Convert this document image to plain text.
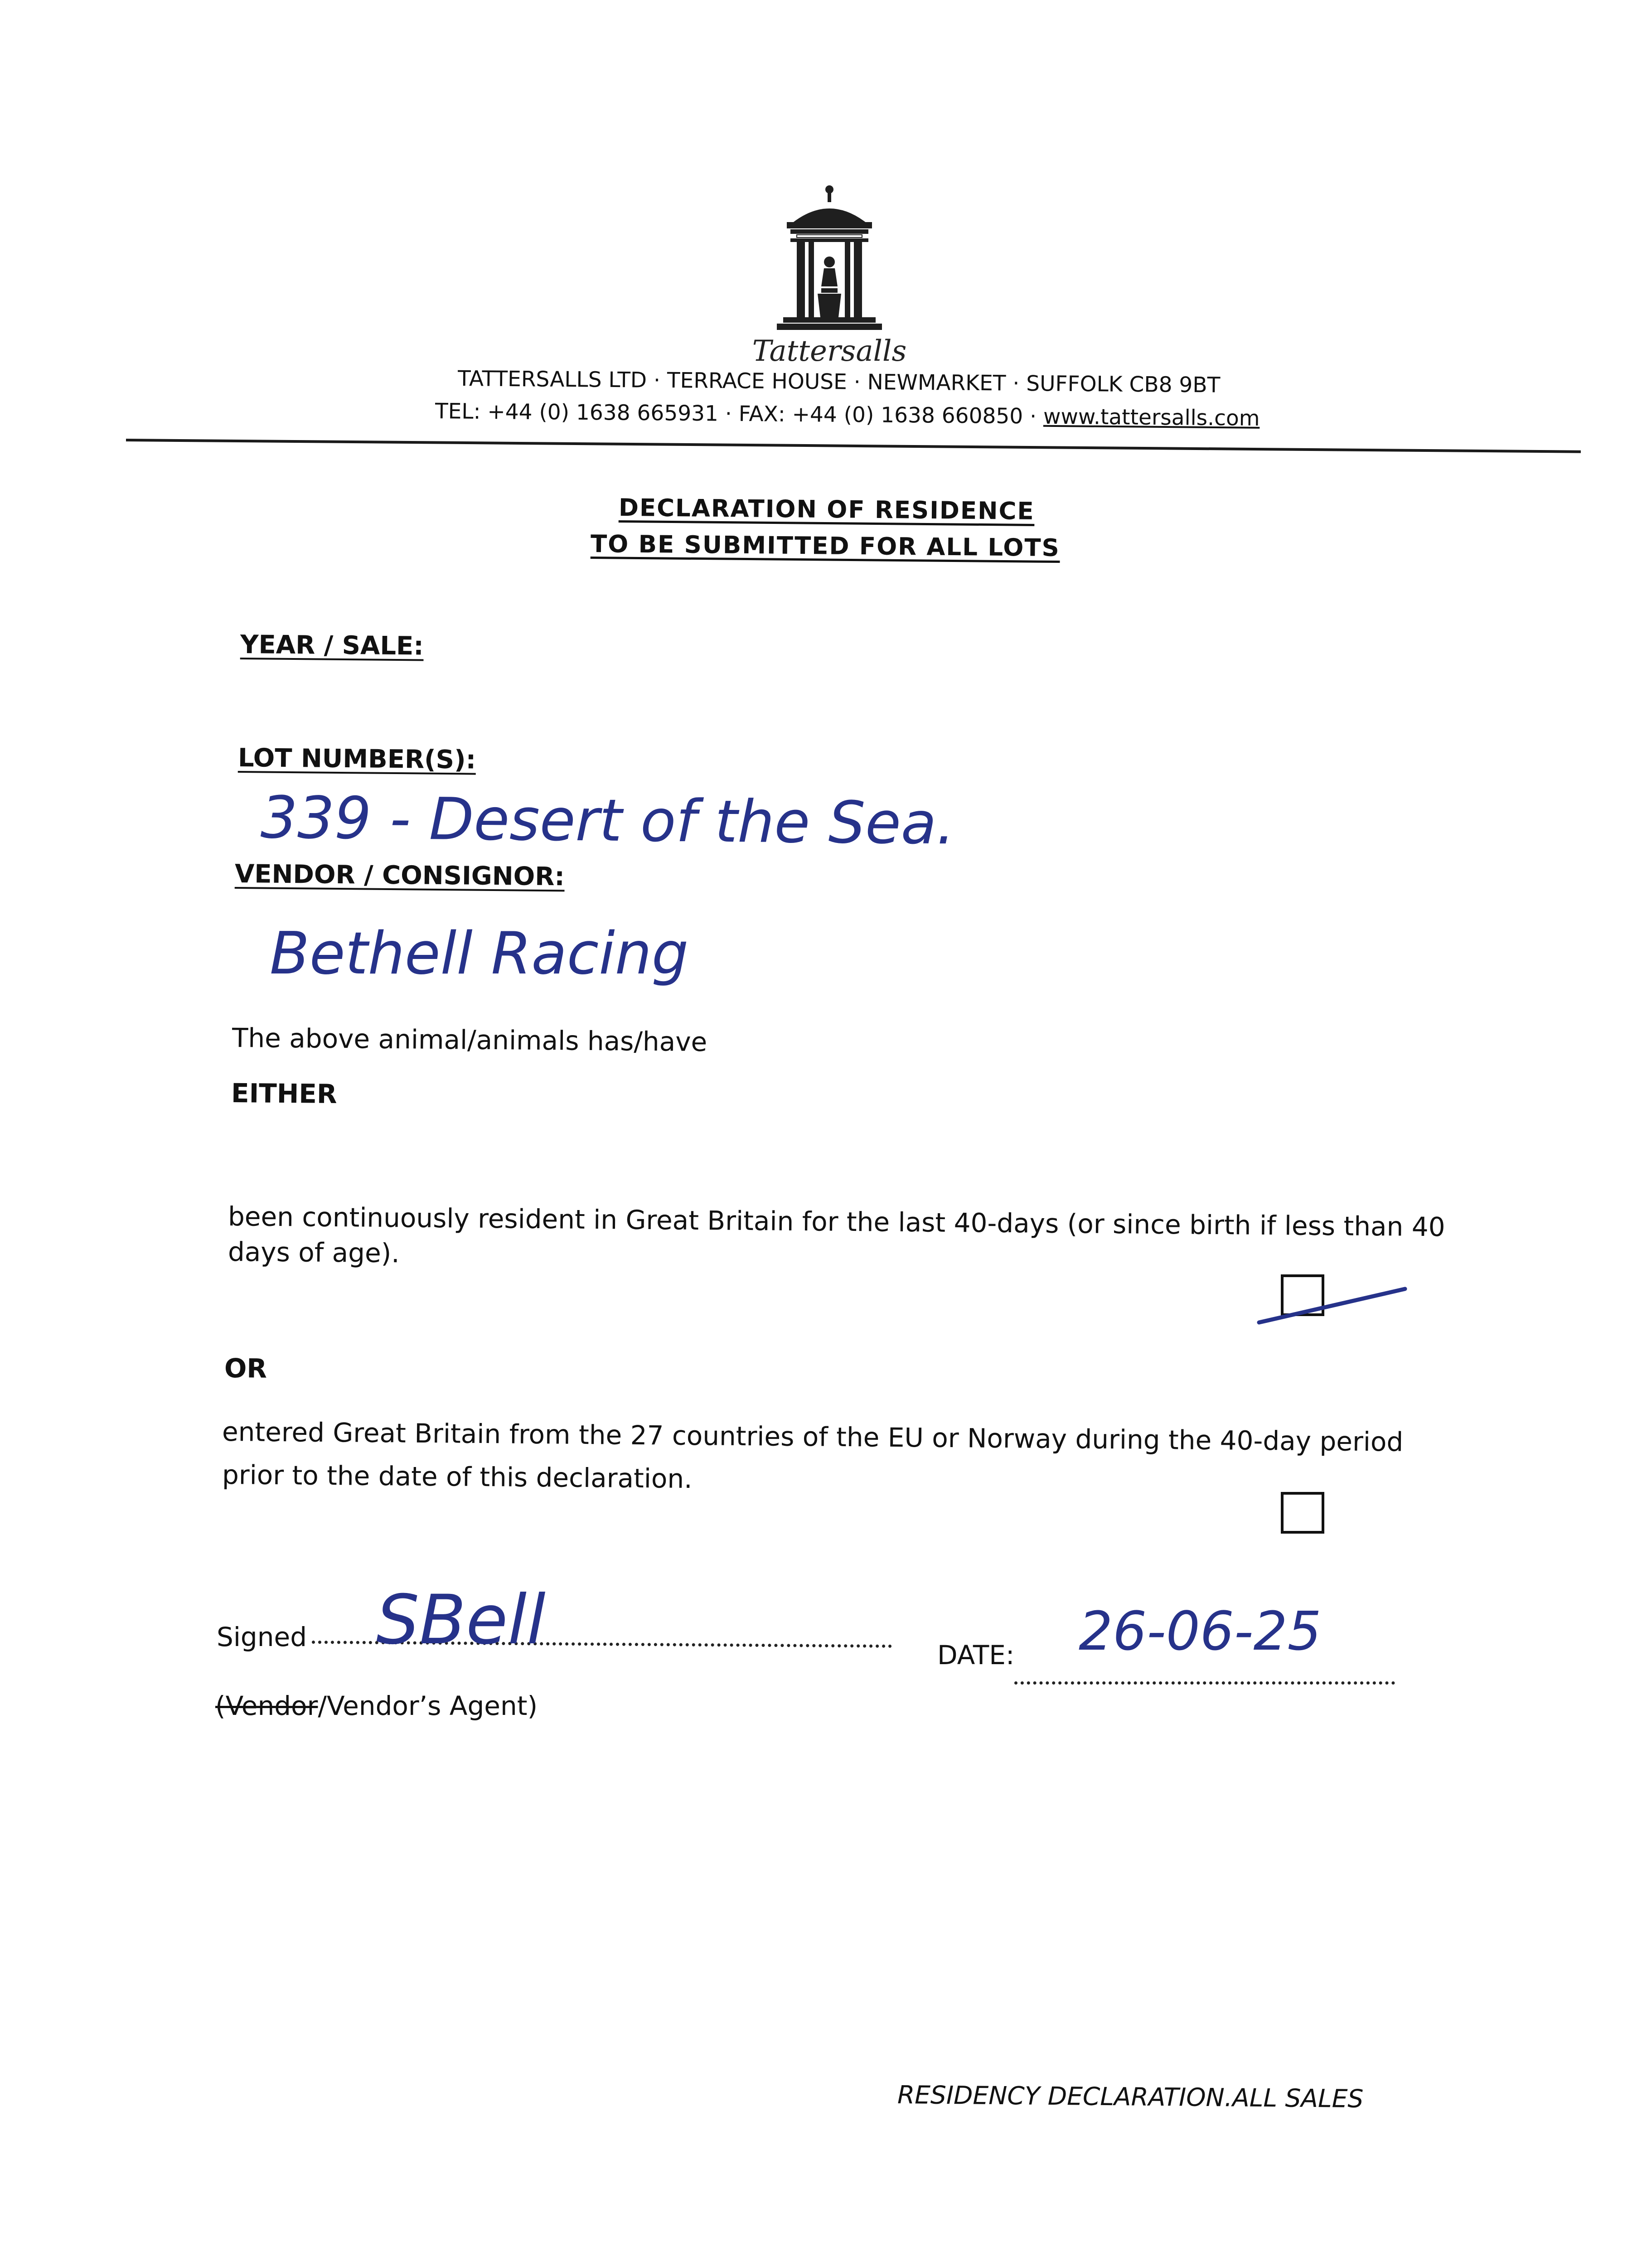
Tattersalls
TATTERSALLS LTD · TERRACE HOUSE · NEWMARKET · SUFFOLK CB8 9BT
TEL: +44 (0) 1638 665931 · FAX: +44 (0) 1638 660850 · www.tattersalls.com
DECLARATION OF RESIDENCE
TO BE SUBMITTED FOR ALL LOTS
YEAR / SALE:
LOT NUMBER(S):
339 - Desert of the Sea.
VENDOR / CONSIGNOR:
Bethell Racing
The above animal/animals has/have
EITHER
been continuously resident in Great Britain for the last 40-days (or since birth if less than 40
days of age).
OR
entered Great Britain from the 27 countries of the EU or Norway during the 40-day period
prior to the date of this declaration.
Signed SBell	DATE: 26-06-25
(Vendor/Vendor’s Agent)
RESIDENCY DECLARATION.ALL SALES
